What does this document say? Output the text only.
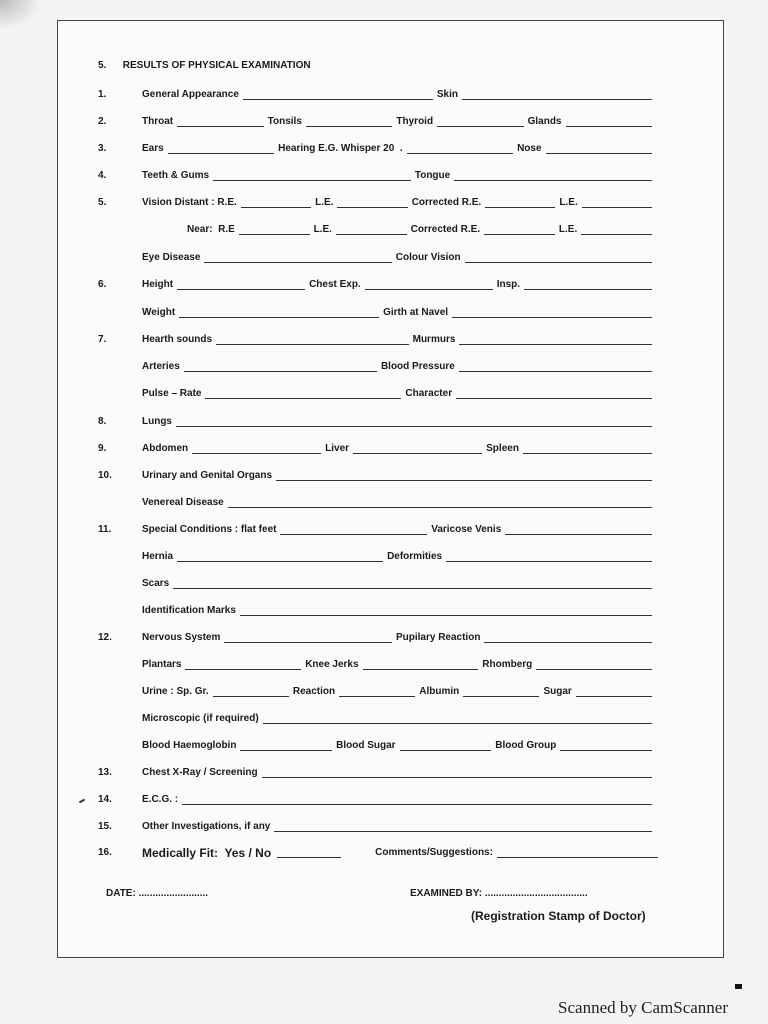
5. RESULTS OF PHYSICAL EXAMINATION
1.	General Appearance	Skin
2.	Throat	Tonsils	Thyroid	Glands
3.	Ears	Hearing E.G. Whisper 20  .	Nose
4.	Teeth & Gums	Tongue
5.	Vision Distant : R.E.	L.E.	Corrected R.E.	L.E.
Near:  R.E	L.E.	Corrected R.E.	L.E.
Eye Disease	Colour Vision
6.	Height	Chest Exp.	Insp.
Weight	Girth at Navel
7.	Hearth sounds	Murmurs
Arteries	Blood Pressure
Pulse – Rate	Character
8.	Lungs
9.	Abdomen	Liver	Spleen
10.	Urinary and Genital Organs
Venereal Disease
11.	Special Conditions : flat feet	Varicose Venis
Hernia	Deformities
Scars
Identification Marks
12.	Nervous System	Pupilary Reaction
Plantars	Knee Jerks	Rhomberg
Urine : Sp. Gr.	Reaction	Albumin	Sugar
Microscopic (if required)
Blood Haemoglobin	Blood Sugar	Blood Group
13.	Chest X-Ray / Screening
14.	E.C.G. :
15.	Other Investigations, if any
16.	Medically Fit:  Yes / No	Comments/Suggestions:
DATE: .........................	EXAMINED BY: .....................................
(Registration Stamp of Doctor)
Scanned by CamScanner
